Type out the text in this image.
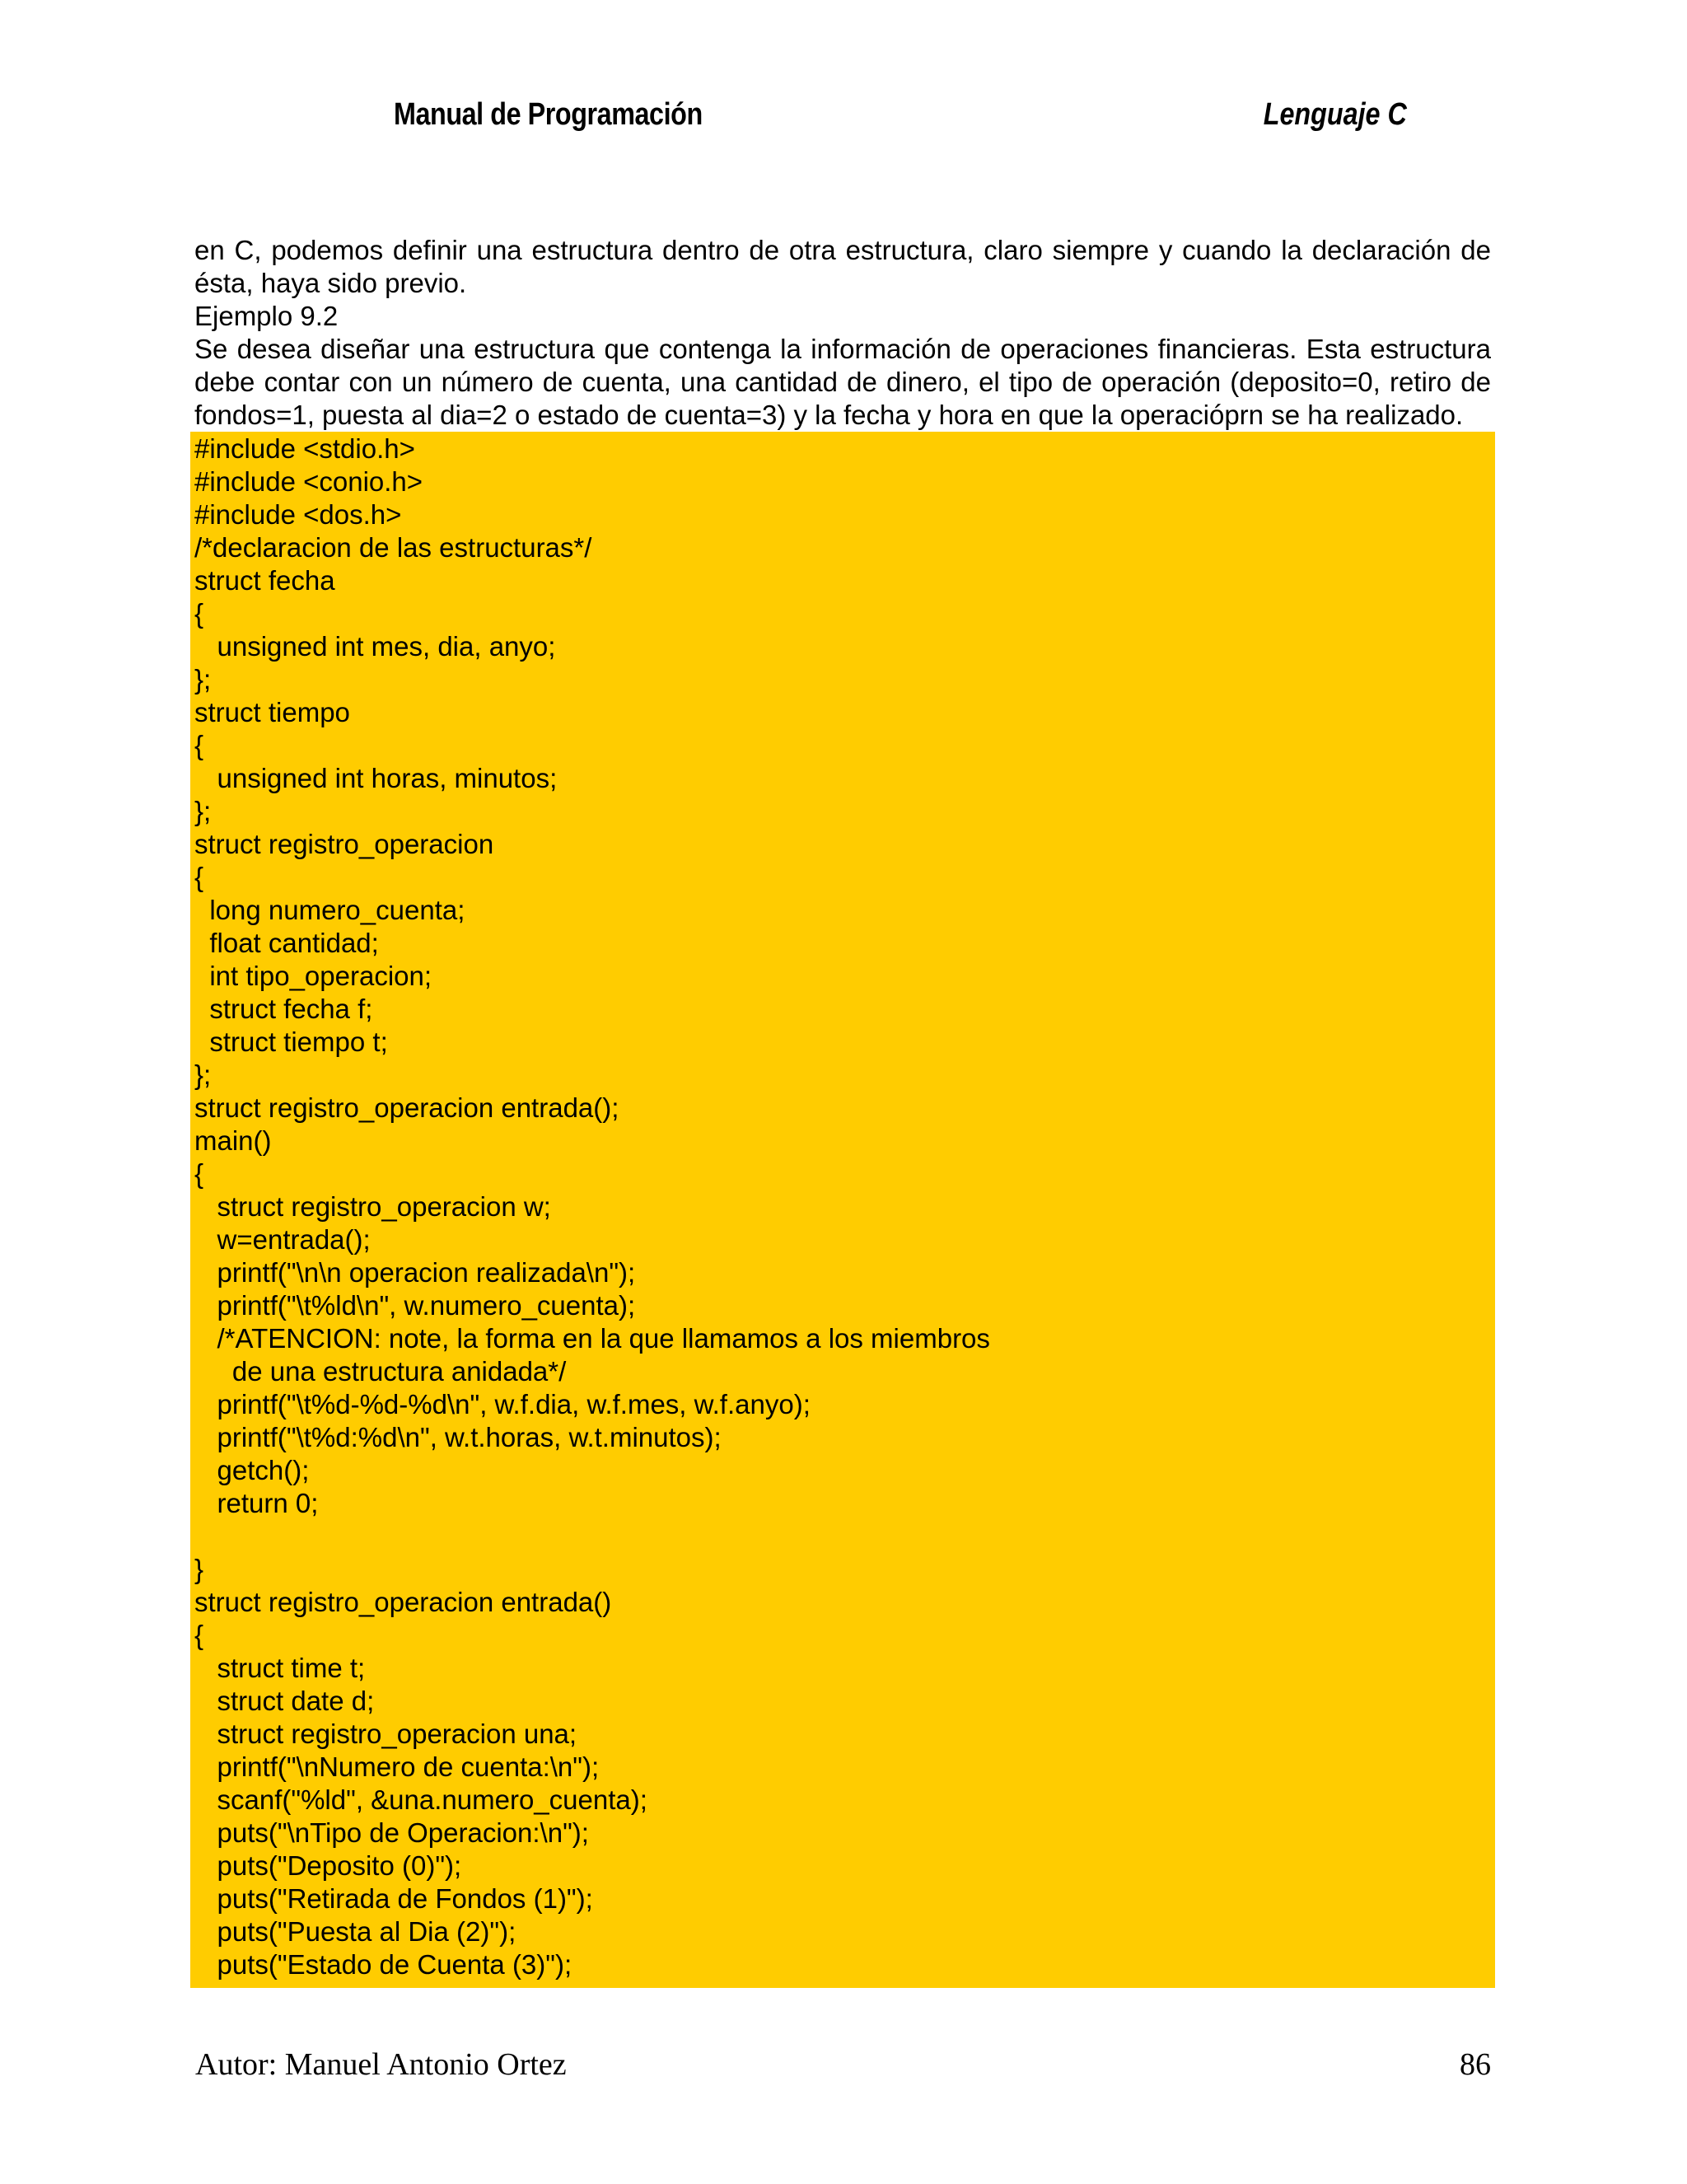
Manual de Programación	Lenguaje C

en C, podemos definir una estructura dentro de otra estructura, claro siempre y cuando la declaración de ésta, haya sido previo.

Ejemplo 9.2

Se desea diseñar una estructura que contenga la información de operaciones financieras. Esta estructura debe contar con un número de cuenta, una cantidad de dinero, el tipo de operación (deposito=0, retiro de fondos=1, puesta al dia=2 o estado de cuenta=3) y la fecha y hora en que la operacióprn se ha realizado.

#include <stdio.h>
#include <conio.h>
#include <dos.h>
/*declaracion de las estructuras*/
struct fecha
{
unsigned int mes, dia, anyo;
};
struct tiempo
{
unsigned int horas, minutos;
};
struct registro_operacion
{
long numero_cuenta;
float cantidad;
int tipo_operacion;
struct fecha f;
struct tiempo t;
};
struct registro_operacion entrada();
main()
{
struct registro_operacion w;
w=entrada();
printf("\n\n operacion realizada\n");
printf("\t%ld\n", w.numero_cuenta);
/*ATENCION: note, la forma en la que llamamos a los miembros
de una estructura anidada*/
printf("\t%d-%d-%d\n", w.f.dia, w.f.mes, w.f.anyo);
printf("\t%d:%d\n", w.t.horas, w.t.minutos);
getch();
return 0;
}
struct registro_operacion entrada()
{
struct time t;
struct date d;
struct registro_operacion una;
printf("\nNumero de cuenta:\n");
scanf("%ld", &una.numero_cuenta);
puts("\nTipo de Operacion:\n");
puts("Deposito (0)");
puts("Retirada de Fondos (1)");
puts("Puesta al Dia (2)");
puts("Estado de Cuenta (3)");
Autor: Manuel Antonio Ortez	86
